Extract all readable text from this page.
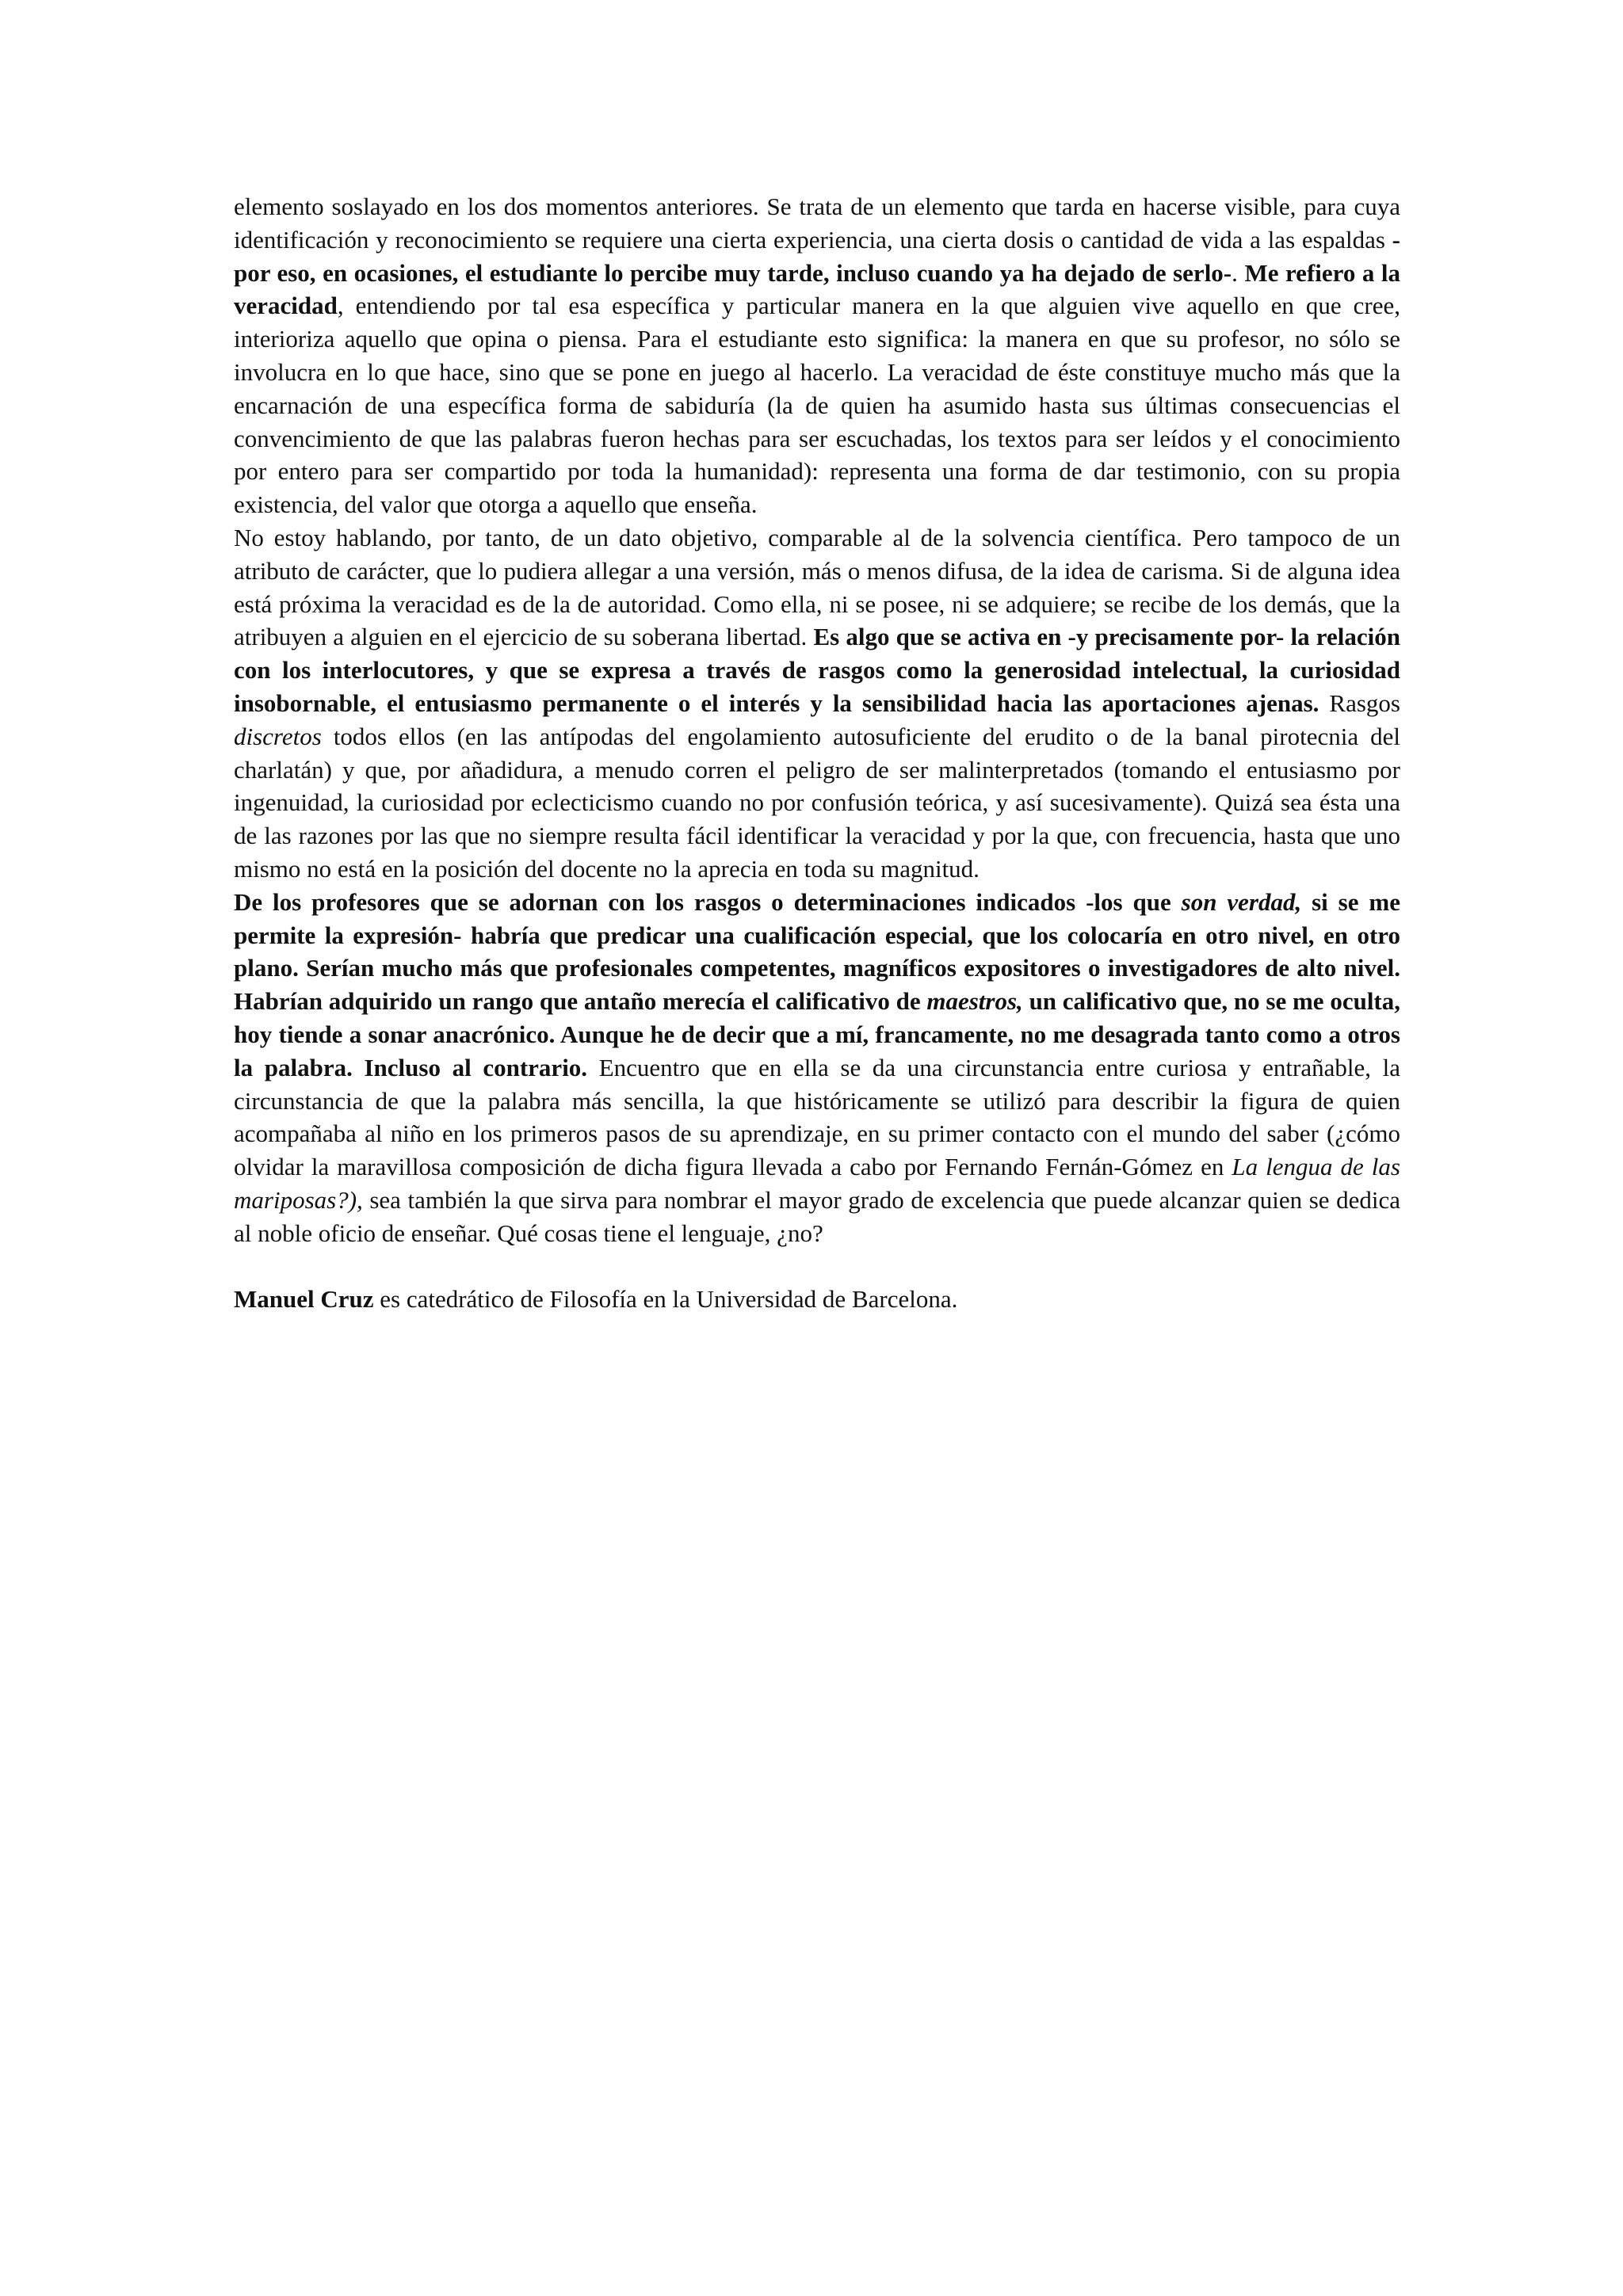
elemento soslayado en los dos momentos anteriores. Se trata de un elemento que tarda en hacerse visible, para cuya identificación y reconocimiento se requiere una cierta experiencia, una cierta dosis o cantidad de vida a las espaldas -por eso, en ocasiones, el estudiante lo percibe muy tarde, incluso cuando ya ha dejado de serlo-. Me refiero a la veracidad, entendiendo por tal esa específica y particular manera en la que alguien vive aquello en que cree, interioriza aquello que opina o piensa. Para el estudiante esto significa: la manera en que su profesor, no sólo se involucra en lo que hace, sino que se pone en juego al hacerlo. La veracidad de éste constituye mucho más que la encarnación de una específica forma de sabiduría (la de quien ha asumido hasta sus últimas consecuencias el convencimiento de que las palabras fueron hechas para ser escuchadas, los textos para ser leídos y el conocimiento por entero para ser compartido por toda la humanidad): representa una forma de dar testimonio, con su propia existencia, del valor que otorga a aquello que enseña.

No estoy hablando, por tanto, de un dato objetivo, comparable al de la solvencia científica. Pero tampoco de un atributo de carácter, que lo pudiera allegar a una versión, más o menos difusa, de la idea de carisma. Si de alguna idea está próxima la veracidad es de la de autoridad. Como ella, ni se posee, ni se adquiere; se recibe de los demás, que la atribuyen a alguien en el ejercicio de su soberana libertad. Es algo que se activa en -y precisamente por- la relación con los interlocutores, y que se expresa a través de rasgos como la generosidad intelectual, la curiosidad insobornable, el entusiasmo permanente o el interés y la sensibilidad hacia las aportaciones ajenas. Rasgos discretos todos ellos (en las antípodas del engolamiento autosuficiente del erudito o de la banal pirotecnia del charlatán) y que, por añadidura, a menudo corren el peligro de ser malinterpretados (tomando el entusiasmo por ingenuidad, la curiosidad por eclecticismo cuando no por confusión teórica, y así sucesivamente). Quizá sea ésta una de las razones por las que no siempre resulta fácil identificar la veracidad y por la que, con frecuencia, hasta que uno mismo no está en la posición del docente no la aprecia en toda su magnitud.

De los profesores que se adornan con los rasgos o determinaciones indicados -los que son verdad, si se me permite la expresión- habría que predicar una cualificación especial, que los colocaría en otro nivel, en otro plano. Serían mucho más que profesionales competentes, magníficos expositores o investigadores de alto nivel. Habrían adquirido un rango que antaño merecía el calificativo de maestros, un calificativo que, no se me oculta, hoy tiende a sonar anacrónico. Aunque he de decir que a mí, francamente, no me desagrada tanto como a otros la palabra. Incluso al contrario. Encuentro que en ella se da una circunstancia entre curiosa y entrañable, la circunstancia de que la palabra más sencilla, la que históricamente se utilizó para describir la figura de quien acompañaba al niño en los primeros pasos de su aprendizaje, en su primer contacto con el mundo del saber (¿cómo olvidar la maravillosa composición de dicha figura llevada a cabo por Fernando Fernán-Gómez en La lengua de las mariposas?), sea también la que sirva para nombrar el mayor grado de excelencia que puede alcanzar quien se dedica al noble oficio de enseñar. Qué cosas tiene el lenguaje, ¿no?

Manuel Cruz es catedrático de Filosofía en la Universidad de Barcelona.
